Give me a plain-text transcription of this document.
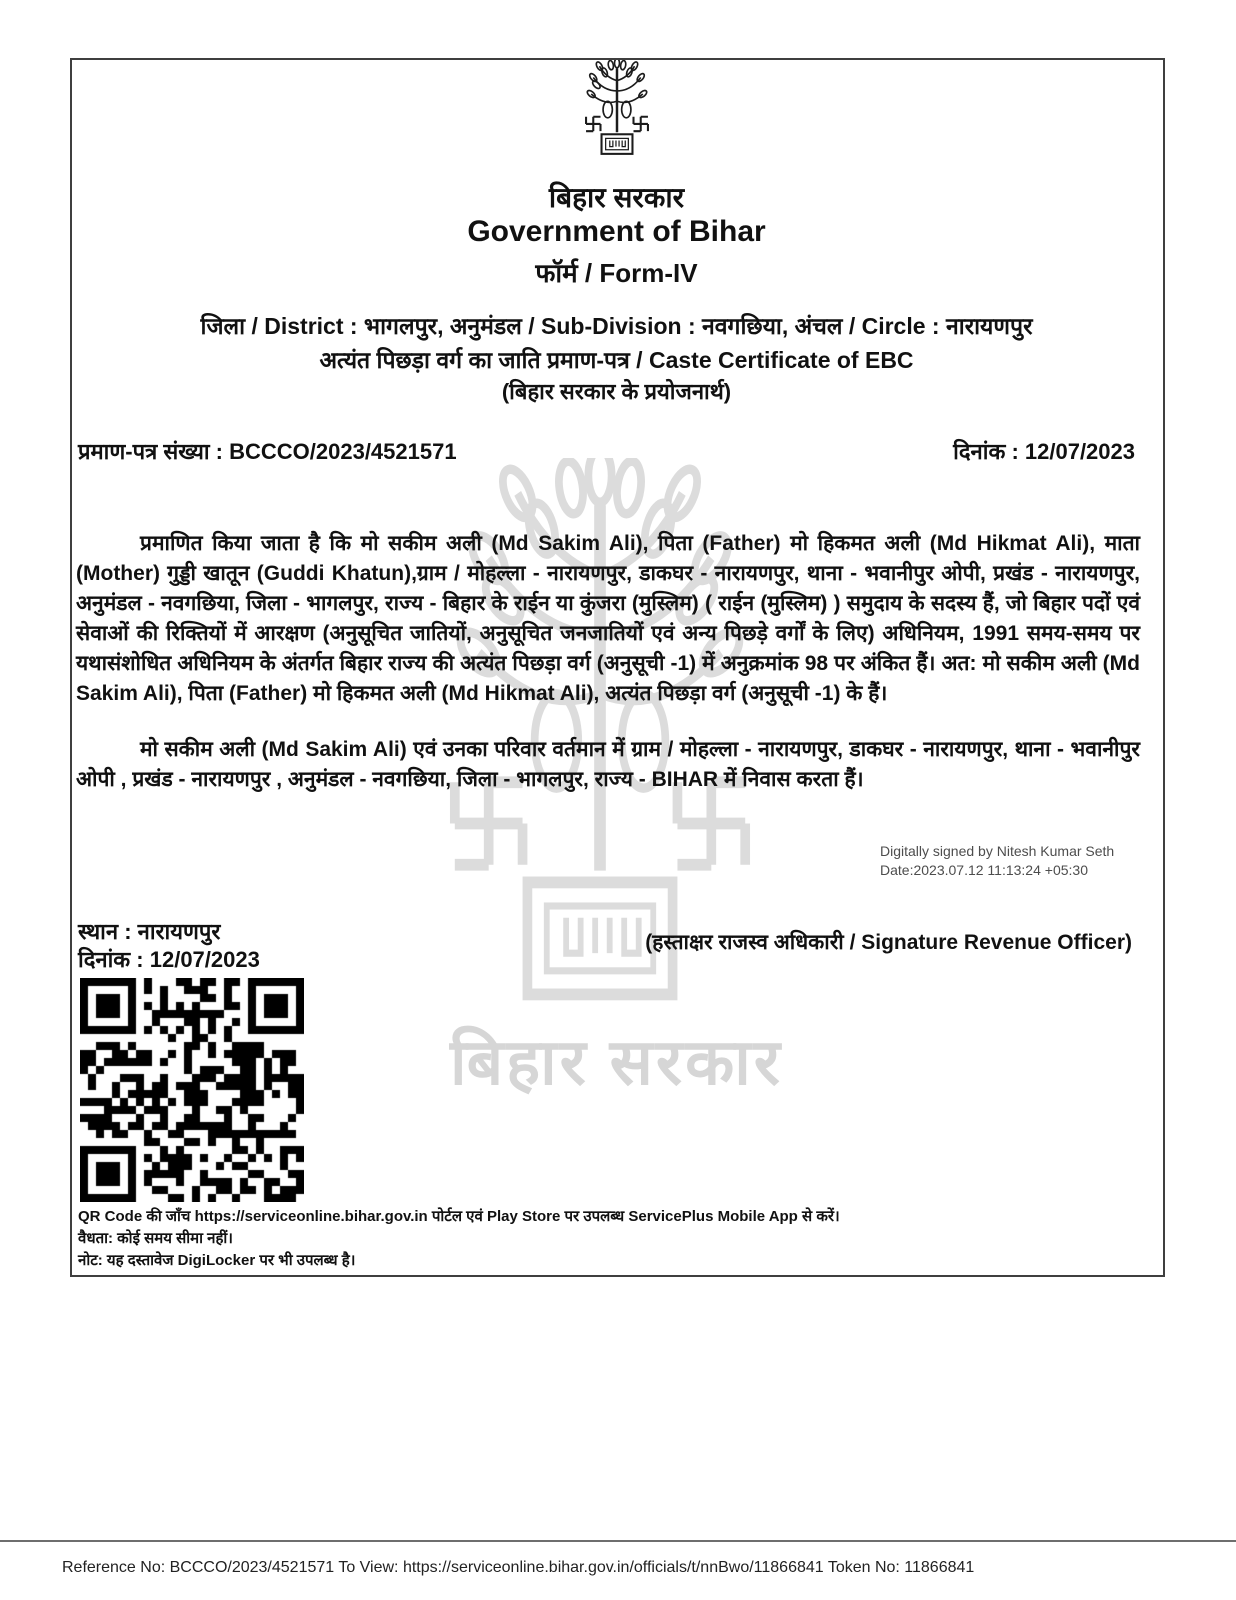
बिहार सरकार
बिहार सरकार
Government of Bihar
फॉर्म / Form-IV
जिला / District : भागलपुर, अनुमंडल / Sub-Division : नवगछिया, अंचल / Circle : नारायणपुर
अत्यंत पिछड़ा वर्ग का जाति प्रमाण-पत्र / Caste Certificate of EBC
(बिहार सरकार के प्रयोजनार्थ)
प्रमाण-पत्र संख्या : BCCCO/2023/4521571	दिनांक : 12/07/2023
प्रमाणित किया जाता है कि मो सकीम अली (Md Sakim Ali), पिता (Father) मो हिकमत अली (Md Hikmat Ali), माता (Mother) गुड्डी खातून (Guddi Khatun),ग्राम / मोहल्ला - नारायणपुर, डाकघर - नारायणपुर, थाना - भवानीपुर ओपी, प्रखंड - नारायणपुर, अनुमंडल - नवगछिया, जिला - भागलपुर, राज्य - बिहार के राईन या कुंजरा (मुस्लिम) ( राईन (मुस्लिम) ) समुदाय के सदस्य हैं, जो बिहार पदों एवं सेवाओं की रिक्तियों में आरक्षण (अनुसूचित जातियों, अनुसूचित जनजातियों एवं अन्य पिछड़े वर्गों के लिए) अधिनियम, 1991 समय-समय पर यथासंशोधित अधिनियम के अंतर्गत बिहार राज्य की अत्यंत पिछड़ा वर्ग (अनुसूची -1) में अनुक्रमांक 98 पर अंकित हैं। अत: मो सकीम अली (Md Sakim Ali), पिता (Father) मो हिकमत अली (Md Hikmat Ali), अत्यंत पिछड़ा वर्ग (अनुसूची -1) के हैं।
मो सकीम अली (Md Sakim Ali) एवं उनका परिवार वर्तमान में ग्राम / मोहल्ला - नारायणपुर, डाकघर - नारायणपुर, थाना - भवानीपुर ओपी , प्रखंड - नारायणपुर , अनुमंडल - नवगछिया, जिला - भागलपुर, राज्य - BIHAR में निवास करता हैं।
Digitally signed by Nitesh Kumar Seth
Date:2023.07.12 11:13:24 +05:30
स्थान : नारायणपुर
दिनांक : 12/07/2023
(हस्ताक्षर राजस्व अधिकारी / Signature Revenue Officer)
QR Code की जाँच https://serviceonline.bihar.gov.in पोर्टल एवं Play Store पर उपलब्ध ServicePlus Mobile App से करें।
वैधता: कोई समय सीमा नहीं।
नोट: यह दस्तावेज DigiLocker पर भी उपलब्ध है।
Reference No: BCCCO/2023/4521571 To View: https://serviceonline.bihar.gov.in/officials/t/nnBwo/11866841 Token No: 11866841
